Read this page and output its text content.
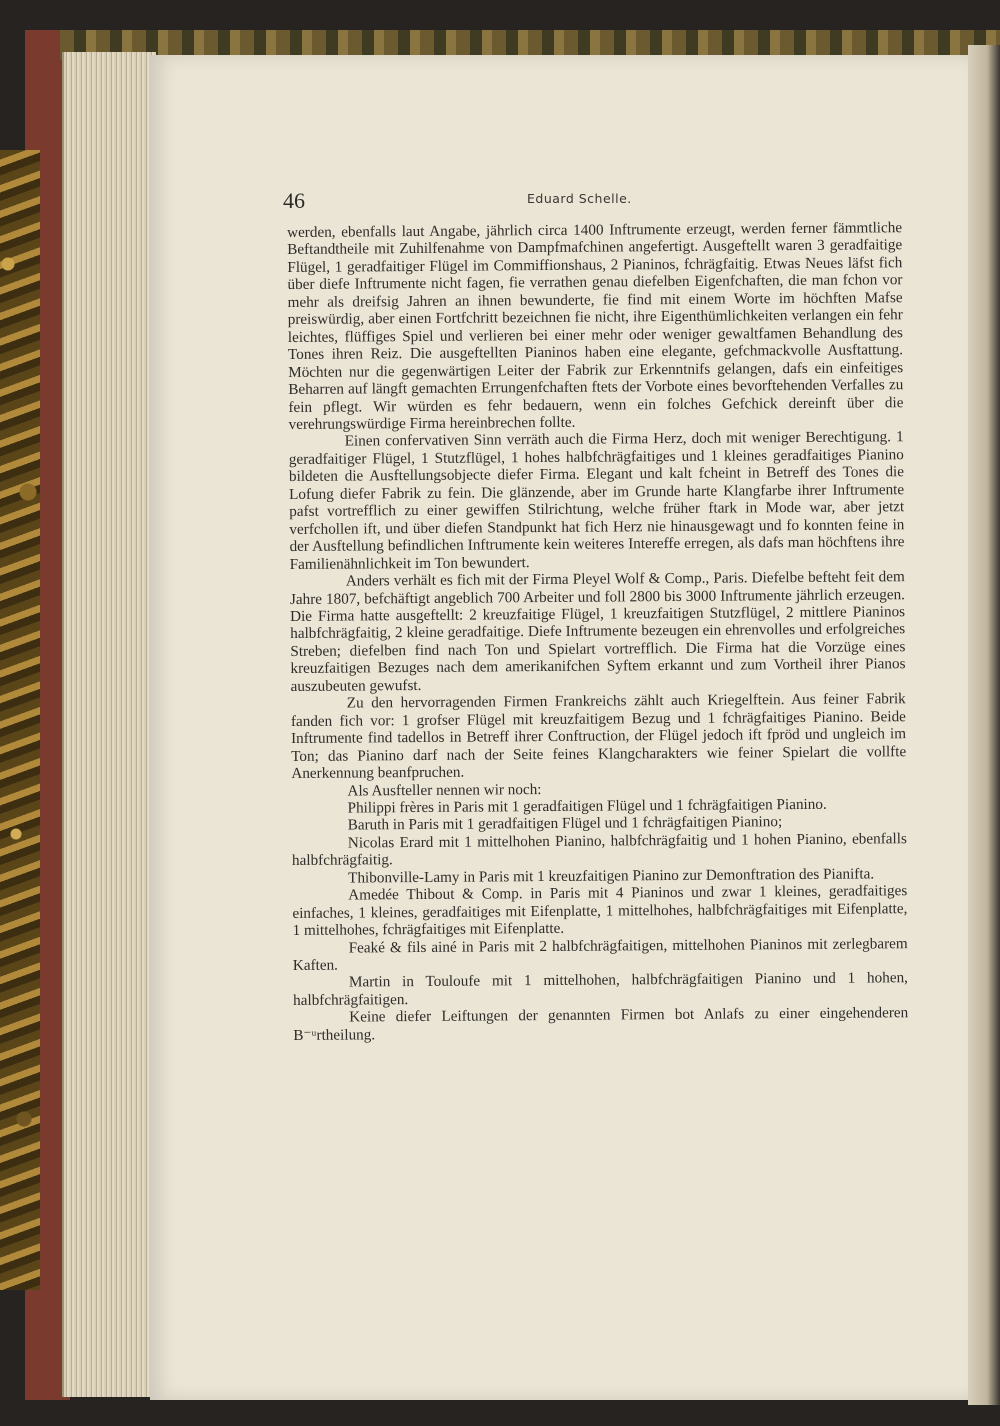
46	Eduard Schelle.

werden, ebenfalls laut Angabe, jährlich circa 1400 Inftrumente erzeugt, werden ferner fämmtliche Beftandtheile mit Zuhilfenahme von Dampfmafchinen angefertigt. Ausgeftellt waren 3 geradfaitige Flügel, 1 geradfaitiger Flügel im Commiffionshaus, 2 Pianinos, fchrägfaitig. Etwas Neues läfst fich über diefe Inftrumente nicht fagen, fie verrathen genau diefelben Eigenfchaften, die man fchon vor mehr als dreifsig Jahren an ihnen bewunderte, fie find mit einem Worte im höchften Mafse preiswürdig, aber einen Fortfchritt bezeichnen fie nicht, ihre Eigenthümlichkeiten verlangen ein fehr leichtes, flüffiges Spiel und verlieren bei einer mehr oder weniger gewaltfamen Behandlung des Tones ihren Reiz. Die ausgeftellten Pianinos haben eine elegante, gefchmackvolle Ausftattung. Möchten nur die gegenwärtigen Leiter der Fabrik zur Erkenntnifs gelangen, dafs ein einfeitiges Beharren auf längft gemachten Errungenfchaften ftets der Vorbote eines bevorftehenden Verfalles zu fein pflegt. Wir würden es fehr bedauern, wenn ein folches Gefchick dereinft über die verehrungswürdige Firma hereinbrechen follte.

Einen confervativen Sinn verräth auch die Firma Herz, doch mit weniger Berechtigung. 1 geradfaitiger Flügel, 1 Stutzflügel, 1 hohes halbfchrägfaitiges und 1 kleines geradfaitiges Pianino bildeten die Ausftellungsobjecte diefer Firma. Elegant und kalt fcheint in Betreff des Tones die Lofung diefer Fabrik zu fein. Die glänzende, aber im Grunde harte Klangfarbe ihrer Inftrumente pafst vortrefflich zu einer gewiffen Stilrichtung, welche früher ftark in Mode war, aber jetzt verfchollen ift, und über diefen Standpunkt hat fich Herz nie hinausgewagt und fo konnten feine in der Ausftellung befindlichen Inftrumente kein weiteres Intereffe erregen, als dafs man höchftens ihre Familienähnlichkeit im Ton bewundert.

Anders verhält es fich mit der Firma Pleyel Wolf & Comp., Paris. Diefelbe befteht feit dem Jahre 1807, befchäftigt angeblich 700 Arbeiter und foll 2800 bis 3000 Inftrumente jährlich erzeugen. Die Firma hatte ausgeftellt: 2 kreuzfaitige Flügel, 1 kreuzfaitigen Stutzflügel, 2 mittlere Pianinos halbfchrägfaitig, 2 kleine geradfaitige. Diefe Inftrumente bezeugen ein ehrenvolles und erfolgreiches Streben; diefelben find nach Ton und Spielart vortrefflich. Die Firma hat die Vorzüge eines kreuzfaitigen Bezuges nach dem amerikanifchen Syftem erkannt und zum Vortheil ihrer Pianos auszubeuten gewufst.

Zu den hervorragenden Firmen Frankreichs zählt auch Kriegelftein. Aus feiner Fabrik fanden fich vor: 1 grofser Flügel mit kreuzfaitigem Bezug und 1 fchrägfaitiges Pianino. Beide Inftrumente find tadellos in Betreff ihrer Conftruction, der Flügel jedoch ift fpröd und ungleich im Ton; das Pianino darf nach der Seite feines Klangcharakters wie feiner Spielart die vollfte Anerkennung beanfpruchen.

Als Ausfteller nennen wir noch:

Philippi frères in Paris mit 1 geradfaitigen Flügel und 1 fchrägfaitigen Pianino.

Baruth in Paris mit 1 geradfaitigen Flügel und 1 fchrägfaitigen Pianino;

Nicolas Erard mit 1 mittelhohen Pianino, halbfchrägfaitig und 1 hohen Pianino, ebenfalls halbfchrägfaitig.

Thibonville-Lamy in Paris mit 1 kreuzfaitigen Pianino zur Demonftration des Pianifta.

Amedée Thibout & Comp. in Paris mit 4 Pianinos und zwar 1 kleines, geradfaitiges einfaches, 1 kleines, geradfaitiges mit Eifenplatte, 1 mittelhohes, halbfchrägfaitiges mit Eifenplatte, 1 mittelhohes, fchrägfaitiges mit Eifenplatte.

Feaké & fils ainé in Paris mit 2 halbfchrägfaitigen, mittelhohen Pianinos mit zerlegbarem Kaften.

Martin in Touloufe mit 1 mittelhohen, halbfchrägfaitigen Pianino und 1 hohen, halbfchrägfaitigen.

Keine diefer Leiftungen der genannten Firmen bot Anlafs zu einer eingehenderen B⁻ᵘrtheilung.
